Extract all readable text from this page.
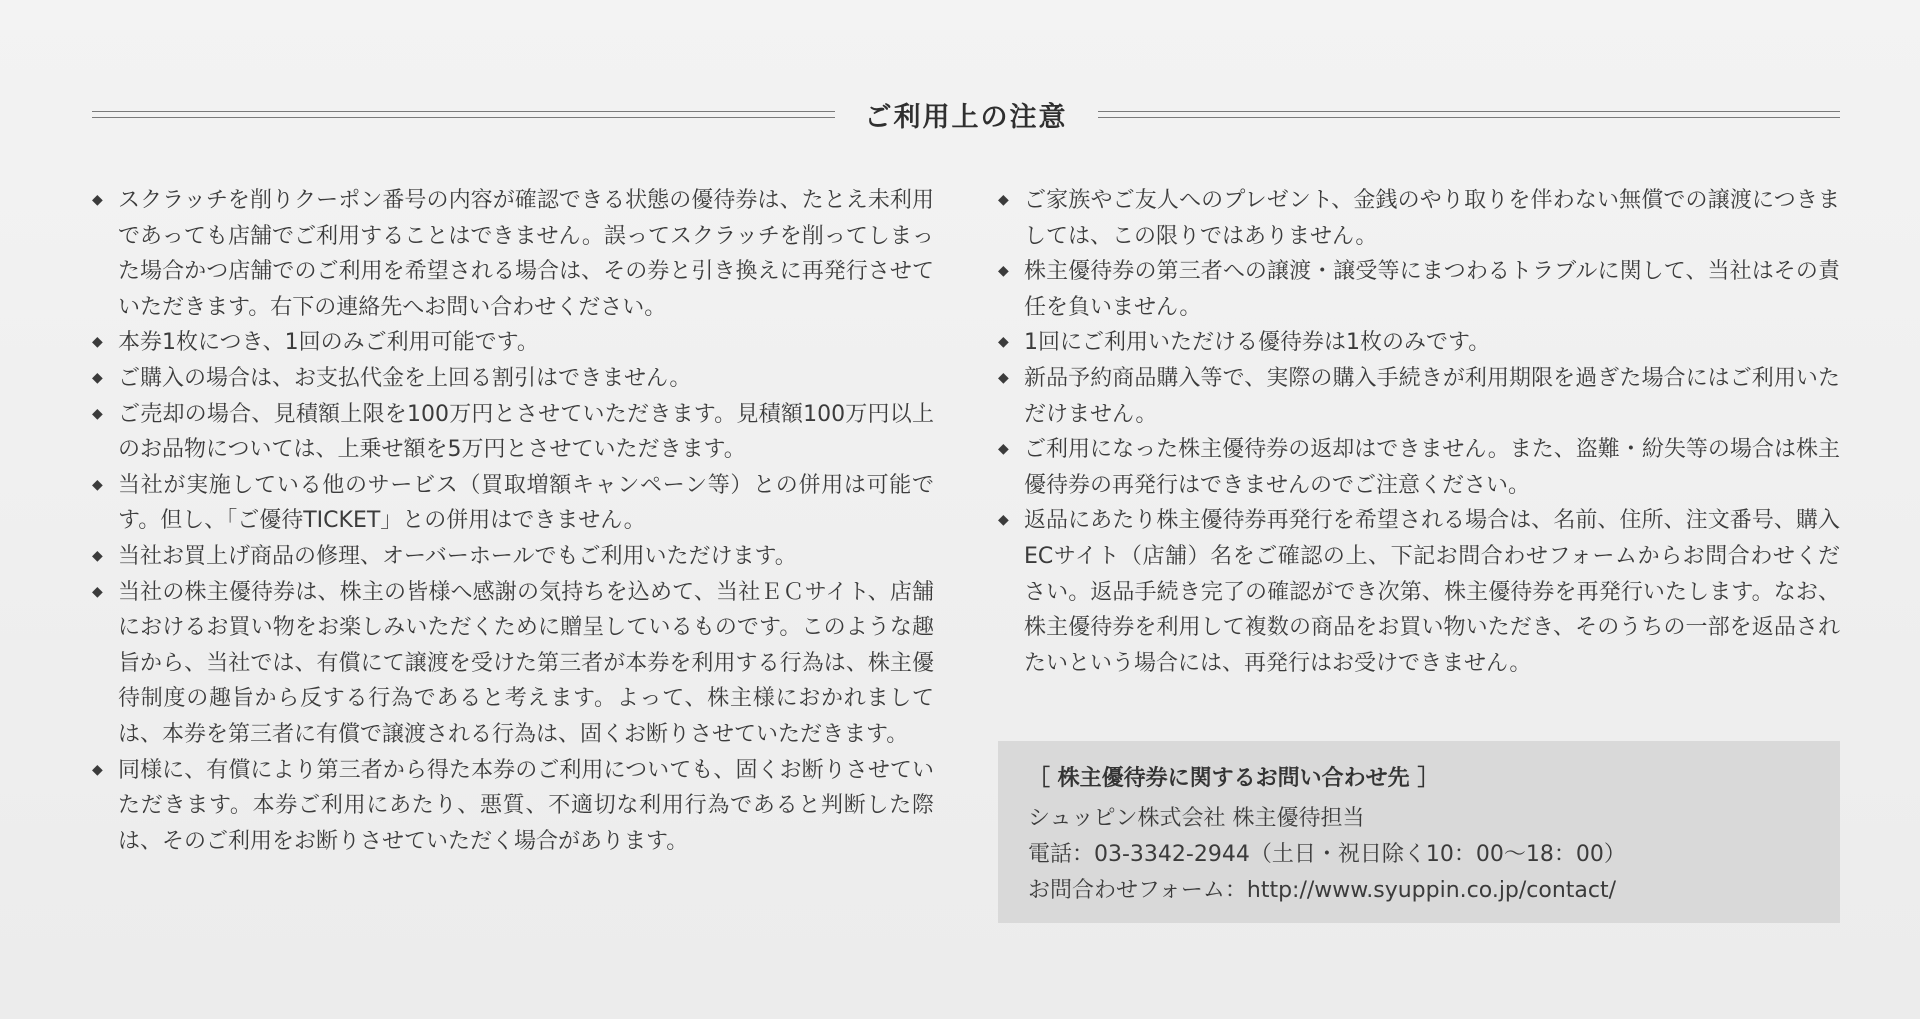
ご利用上の注意
◆ スクラッチを削りクーポン番号の内容が確認できる状態の優待券は、たとえ未利用であっても店舗でご利用することはできません。誤ってスクラッチを削ってしまった場合かつ店舗でのご利用を希望される場合は、その券と引き換えに再発行させていただきます。右下の連絡先へお問い合わせください。
◆ 本券1枚につき、1回のみご利用可能です。
◆ ご購入の場合は、お支払代金を上回る割引はできません。
◆ ご売却の場合、見積額上限を100万円とさせていただきます。見積額100万円以上のお品物については、上乗せ額を5万円とさせていただきます。
◆ 当社が実施している他のサービス（買取増額キャンペーン等）との併用は可能です。但し、「ご優待TICKET」との併用はできません。
◆ 当社お買上げ商品の修理、オーバーホールでもご利用いただけます。
◆ 当社の株主優待券は、株主の皆様へ感謝の気持ちを込めて、当社ＥＣサイト、店舗におけるお買い物をお楽しみいただくために贈呈しているものです。このような趣旨から、当社では、有償にて譲渡を受けた第三者が本券を利用する行為は、株主優待制度の趣旨から反する行為であると考えます。よって、株主様におかれましては、本券を第三者に有償で譲渡される行為は、固くお断りさせていただきます。
◆ 同様に、有償により第三者から得た本券のご利用についても、固くお断りさせていただきます。本券ご利用にあたり、悪質、不適切な利用行為であると判断した際は、そのご利用をお断りさせていただく場合があります。
◆ ご家族やご友人へのプレゼント、金銭のやり取りを伴わない無償での譲渡につきましては、この限りではありません。
◆ 株主優待券の第三者への譲渡・譲受等にまつわるトラブルに関して、当社はその責任を負いません。
◆ 1回にご利用いただける優待券は1枚のみです。
◆ 新品予約商品購入等で、実際の購入手続きが利用期限を過ぎた場合にはご利用いただけません。
◆ ご利用になった株主優待券の返却はできません。また、盗難・紛失等の場合は株主優待券の再発行はできませんのでご注意ください。
◆ 返品にあたり株主優待券再発行を希望される場合は、名前、住所、注文番号、購入ECサイト（店舗）名をご確認の上、下記お問合わせフォームからお問合わせください。返品手続き完了の確認ができ次第、株主優待券を再発行いたします。なお、株主優待券を利用して複数の商品をお買い物いただき、そのうちの一部を返品されたいという場合には、再発行はお受けできません。
［ 株主優待券に関するお問い合わせ先 ］
シュッピン株式会社 株主優待担当
電話：03-3342-2944（土日・祝日除く10：00～18：00）
お問合わせフォーム：http://www.syuppin.co.jp/contact/
